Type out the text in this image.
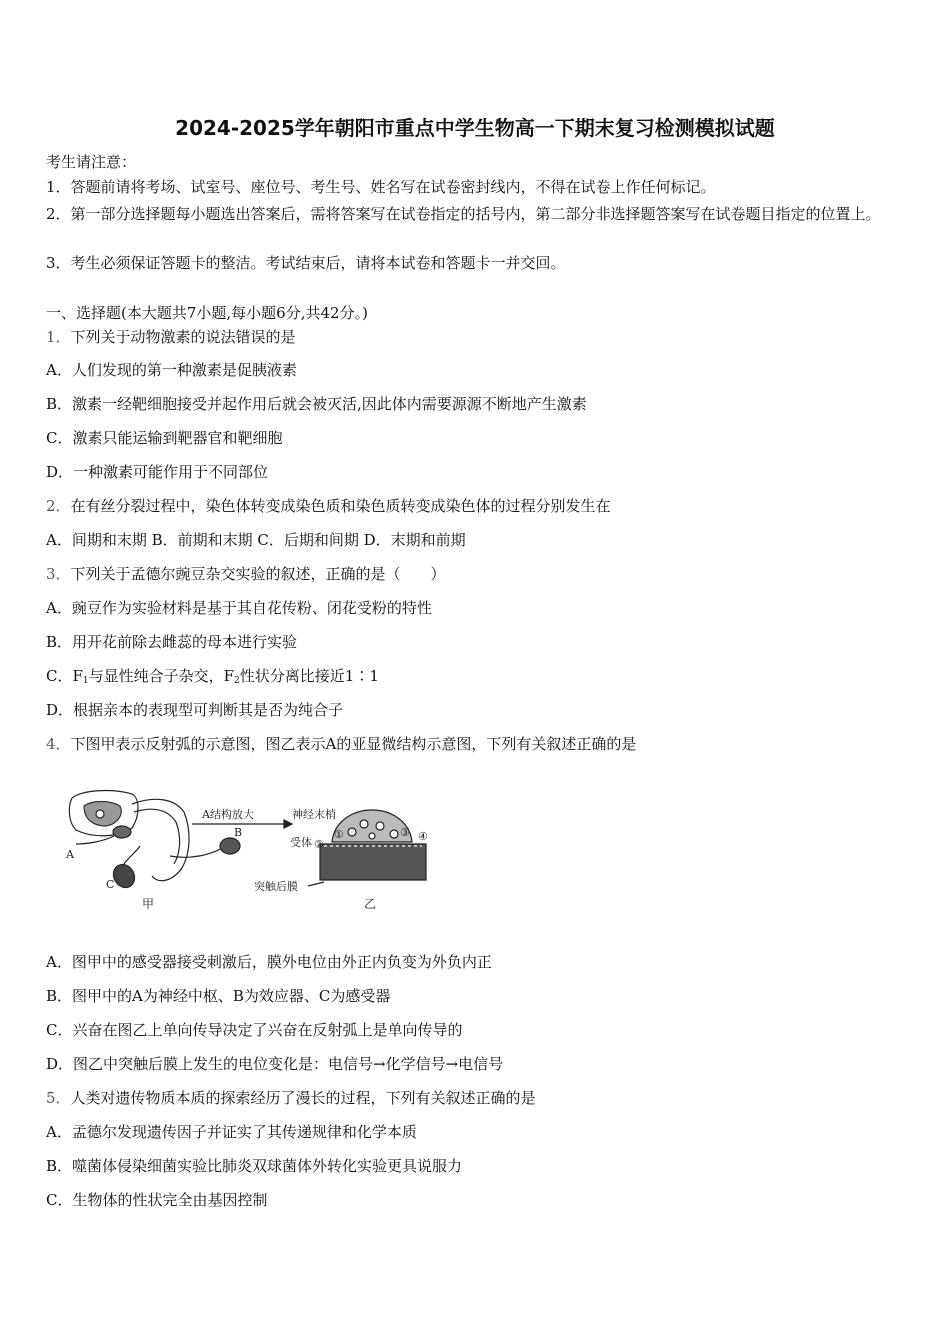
2024-2025学年朝阳市重点中学生物高一下期末复习检测模拟试题
考生请注意：
1．答题前请将考场、试室号、座位号、考生号、姓名写在试卷密封线内，不得在试卷上作任何标记。
2．第一部分选择题每小题选出答案后，需将答案写在试卷指定的括号内，第二部分非选择题答案写在试卷题目指定的位置上。
3．考生必须保证答题卡的整洁。考试结束后，请将本试卷和答题卡一并交回。
一、选择题(本大题共7小题,每小题6分,共42分。)
1．下列关于动物激素的说法错误的是
A．人们发现的第一种激素是促胰液素
B．激素一经靶细胞接受并起作用后就会被灭活,因此体内需要源源不断地产生激素
C．激素只能运输到靶器官和靶细胞
D．一种激素可能作用于不同部位
2．在有丝分裂过程中，染色体转变成染色质和染色质转变成染色体的过程分别发生在
A．间期和末期 B．前期和末期 C．后期和间期 D．末期和前期
3．下列关于孟德尔豌豆杂交实验的叙述，正确的是（　　）
A．豌豆作为实验材料是基于其自花传粉、闭花受粉的特性
B．用开花前除去雌蕊的母本进行实验
C．$F_1$与显性纯合子杂交，$F_2$性状分离比接近1∶1
D．根据亲本的表现型可判断其是否为纯合子
4．下图甲表示反射弧的示意图，图乙表示A的亚显微结构示意图，下列有关叙述正确的是
A
B
C
甲
A结构放大	神经末梢
受体
突触后膜
①
②
③ ④
乙
A．图甲中的感受器接受刺激后，膜外电位由外正内负变为外负内正
B．图甲中的A为神经中枢、B为效应器、C为感受器
C．兴奋在图乙上单向传导决定了兴奋在反射弧上是单向传导的
D．图乙中突触后膜上发生的电位变化是：电信号→化学信号→电信号
5．人类对遗传物质本质的探索经历了漫长的过程，下列有关叙述正确的是
A．孟德尔发现遗传因子并证实了其传递规律和化学本质
B．噬菌体侵染细菌实验比肺炎双球菌体外转化实验更具说服力
C．生物体的性状完全由基因控制
